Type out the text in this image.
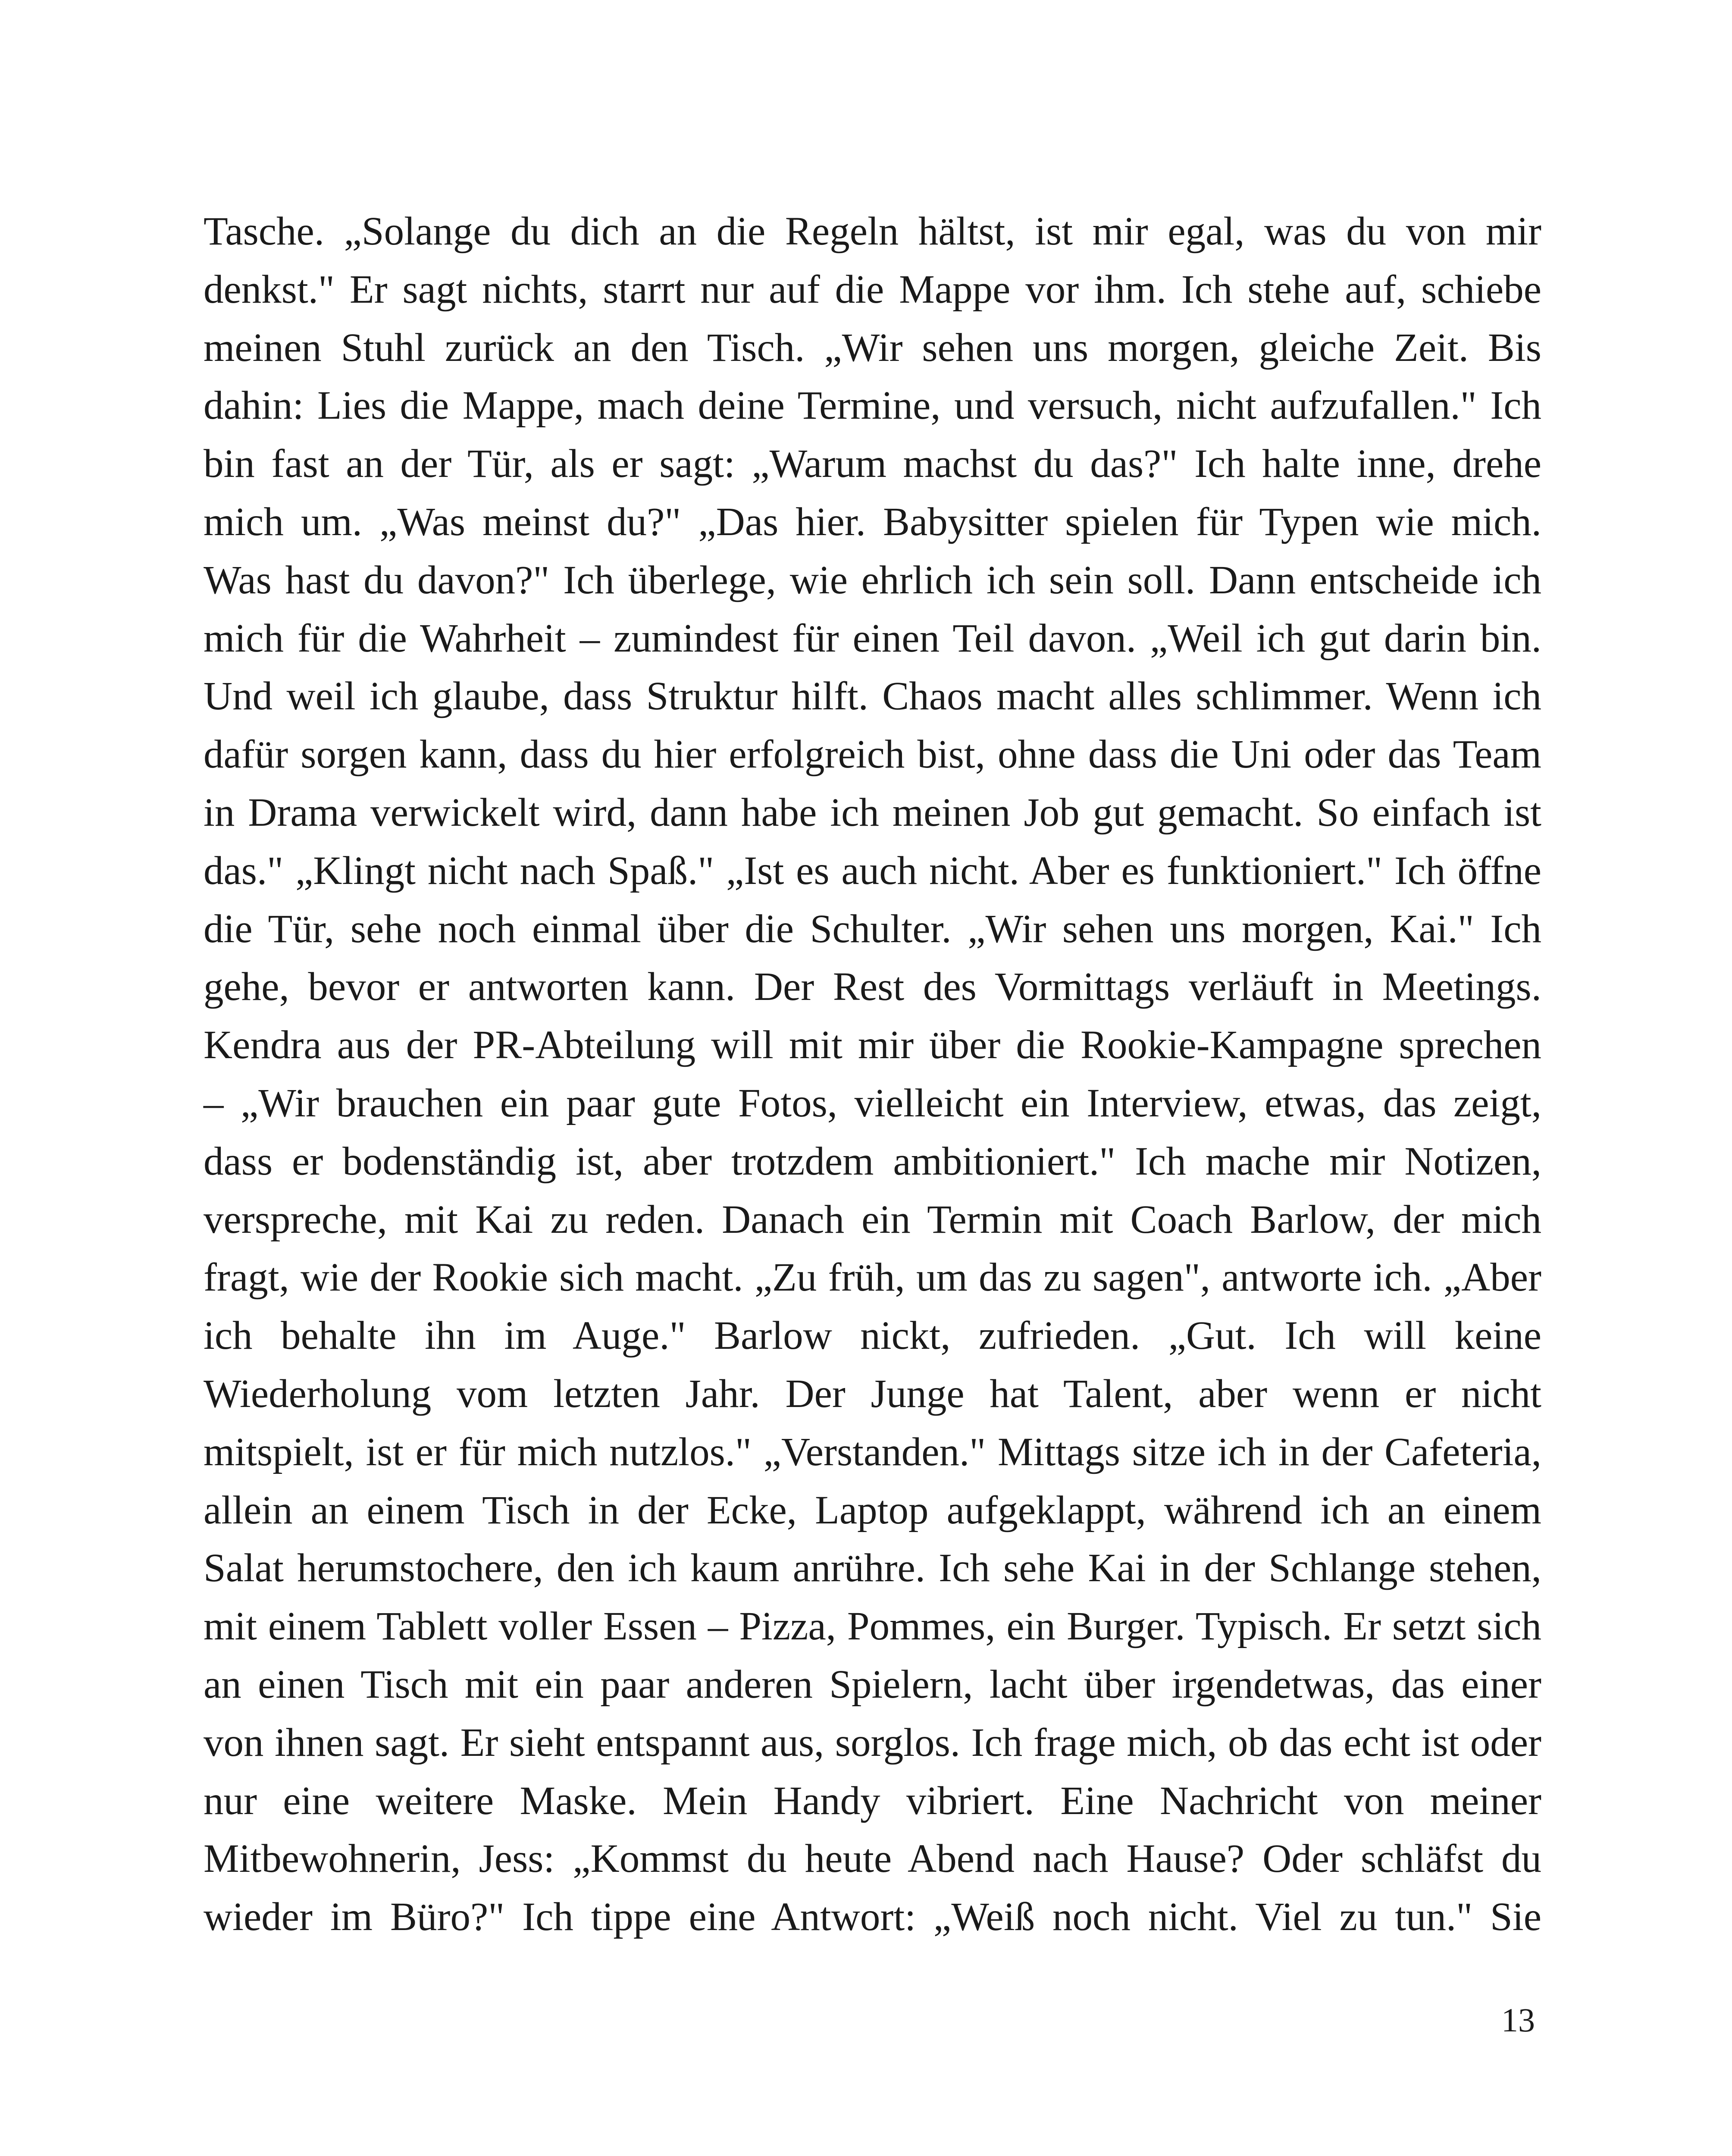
Tasche. „Solange du dich an die Regeln hältst, ist mir egal, was du von mir
denkst." Er sagt nichts, starrt nur auf die Mappe vor ihm. Ich stehe auf, schiebe
meinen Stuhl zurück an den Tisch. „Wir sehen uns morgen, gleiche Zeit. Bis
dahin: Lies die Mappe, mach deine Termine, und versuch, nicht aufzufallen." Ich
bin fast an der Tür, als er sagt: „Warum machst du das?" Ich halte inne, drehe
mich um. „Was meinst du?" „Das hier. Babysitter spielen für Typen wie mich.
Was hast du davon?" Ich überlege, wie ehrlich ich sein soll. Dann entscheide ich
mich für die Wahrheit – zumindest für einen Teil davon. „Weil ich gut darin bin.
Und weil ich glaube, dass Struktur hilft. Chaos macht alles schlimmer. Wenn ich
dafür sorgen kann, dass du hier erfolgreich bist, ohne dass die Uni oder das Team
in Drama verwickelt wird, dann habe ich meinen Job gut gemacht. So einfach ist
das." „Klingt nicht nach Spaß." „Ist es auch nicht. Aber es funktioniert." Ich öffne
die Tür, sehe noch einmal über die Schulter. „Wir sehen uns morgen, Kai." Ich
gehe, bevor er antworten kann. Der Rest des Vormittags verläuft in Meetings.
Kendra aus der PR-Abteilung will mit mir über die Rookie-Kampagne sprechen
– „Wir brauchen ein paar gute Fotos, vielleicht ein Interview, etwas, das zeigt,
dass er bodenständig ist, aber trotzdem ambitioniert." Ich mache mir Notizen,
verspreche, mit Kai zu reden. Danach ein Termin mit Coach Barlow, der mich
fragt, wie der Rookie sich macht. „Zu früh, um das zu sagen", antworte ich. „Aber
ich behalte ihn im Auge." Barlow nickt, zufrieden. „Gut. Ich will keine
Wiederholung vom letzten Jahr. Der Junge hat Talent, aber wenn er nicht
mitspielt, ist er für mich nutzlos." „Verstanden." Mittags sitze ich in der Cafeteria,
allein an einem Tisch in der Ecke, Laptop aufgeklappt, während ich an einem
Salat herumstochere, den ich kaum anrühre. Ich sehe Kai in der Schlange stehen,
mit einem Tablett voller Essen – Pizza, Pommes, ein Burger. Typisch. Er setzt sich
an einen Tisch mit ein paar anderen Spielern, lacht über irgendetwas, das einer
von ihnen sagt. Er sieht entspannt aus, sorglos. Ich frage mich, ob das echt ist oder
nur eine weitere Maske. Mein Handy vibriert. Eine Nachricht von meiner
Mitbewohnerin, Jess: „Kommst du heute Abend nach Hause? Oder schläfst du
wieder im Büro?" Ich tippe eine Antwort: „Weiß noch nicht. Viel zu tun." Sie
13
